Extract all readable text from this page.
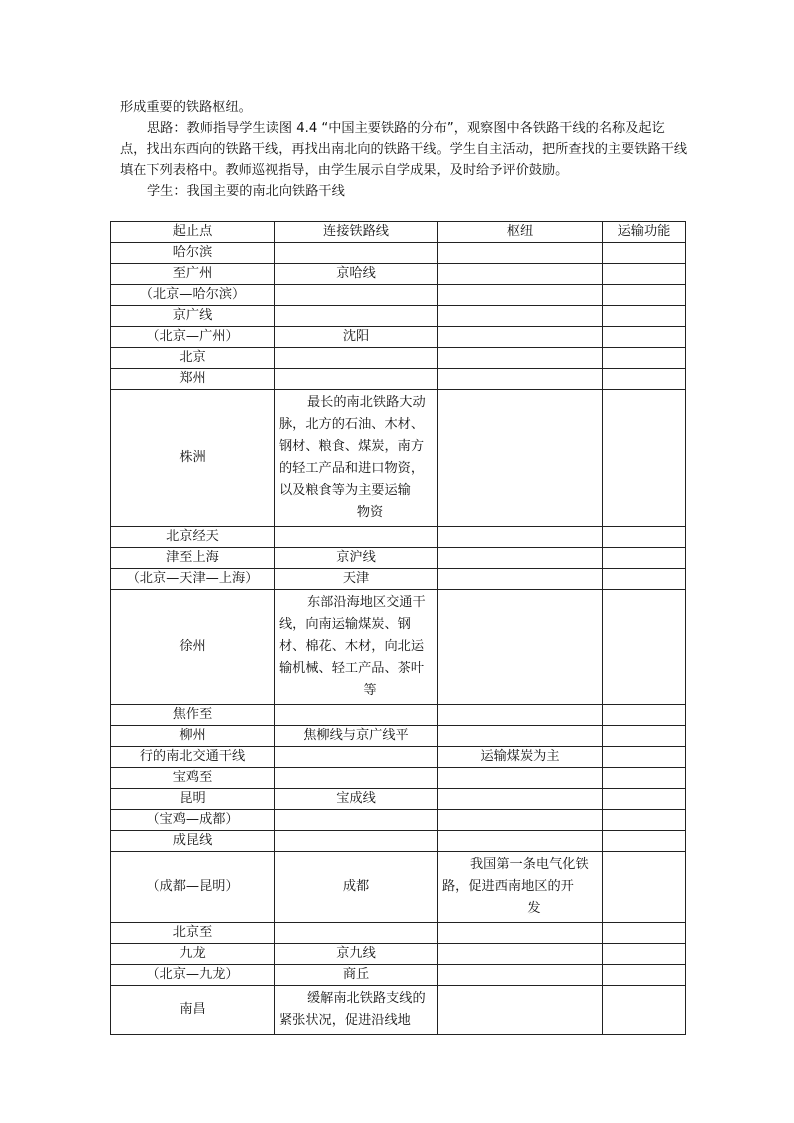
形成重要的铁路枢纽。

思路：教师指导学生读图 4.4 “中国主要铁路的分布”，观察图中各铁路干线的名称及起讫点，找出东西向的铁路干线，再找出南北向的铁路干线。学生自主活动，把所查找的主要铁路干线填在下列表格中。教师巡视指导，由学生展示自学成果，及时给予评价鼓励。

学生：我国主要的南北向铁路干线

起止点	连接铁路线	枢纽	运输功能
哈尔滨			
至广州	京哈线		
（北京—哈尔滨）			
京广线			
（北京—广州）	沈阳		
北京			
郑州			
株洲	最长的南北铁路大动脉，北方的石油、木材、钢材、粮食、煤炭，南方的轻工产品和进口物资，以及粮食等为主要运输
物资		

北京经天			
津至上海	京沪线		
（北京—天津—上海）	天津		
徐州	东部沿海地区交通干线，向南运输煤炭、钢材、棉花、木材，向北运输机械、轻工产品、茶叶
等		

焦作至			
柳州	焦柳线与京广线平		
行的南北交通干线		运输煤炭为主	
宝鸡至			
昆明	宝成线		
（宝鸡—成都）			
成昆线			
（成都—昆明）	成都	我国第一条电气化铁路，促进西南地区的开
发	

北京至			
九龙	京九线		
（北京—九龙）	商丘		
南昌	缓解南北铁路支线的紧张状况，促进沿线地		
